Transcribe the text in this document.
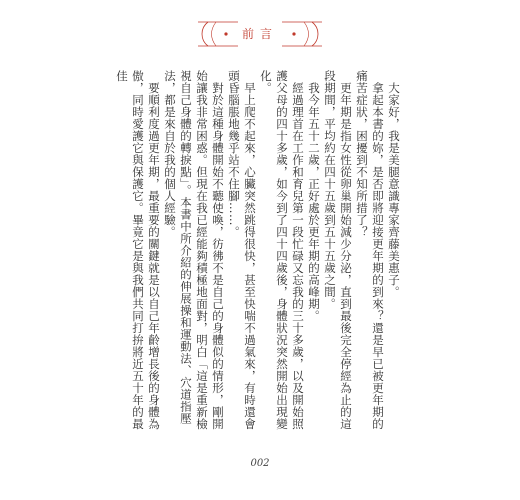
前言

大家好，我是美腿意識專家齊藤美惠子。

拿起本書的妳，是否即將迎接更年期的到來？還是早已被更年期的痛苦症狀，困擾到不知所措了？

更年期是指女性從卵巢開始減少分泌，直到最後完全停經為止的這段期間，平均約在四十五歲到五十五歲之間。

我今年五十二歲，正好處於更年期的高峰期。

經過理首在工作和育兒第一段忙碌又忘我的三十多歲，以及開始照護父母的四十多歲，如今到了四十四歲後，身體狀況突然開始出現變化。

早上爬不起來，心臟突然跳得很快，甚至快喘不過氣來，有時還會頭昏腦脹地幾乎站不住腳……。

對於這種身體開始不聽使喚，彷彿不是自己的身體似的情形，剛開始讓我非常困惑。但現在我已經能夠積極地面對，明白「這是重新檢視自己身體的轉捩點」。本書中所介紹的伸展操和運動法、穴道指壓法，都是來自於我的個人經驗。

要順利度過更年期，最重要的關鍵就是以自己年齡增長後的身體為傲，同時愛護它與保護它。畢竟它是與我們共同打拚將近五十年的最佳

002
